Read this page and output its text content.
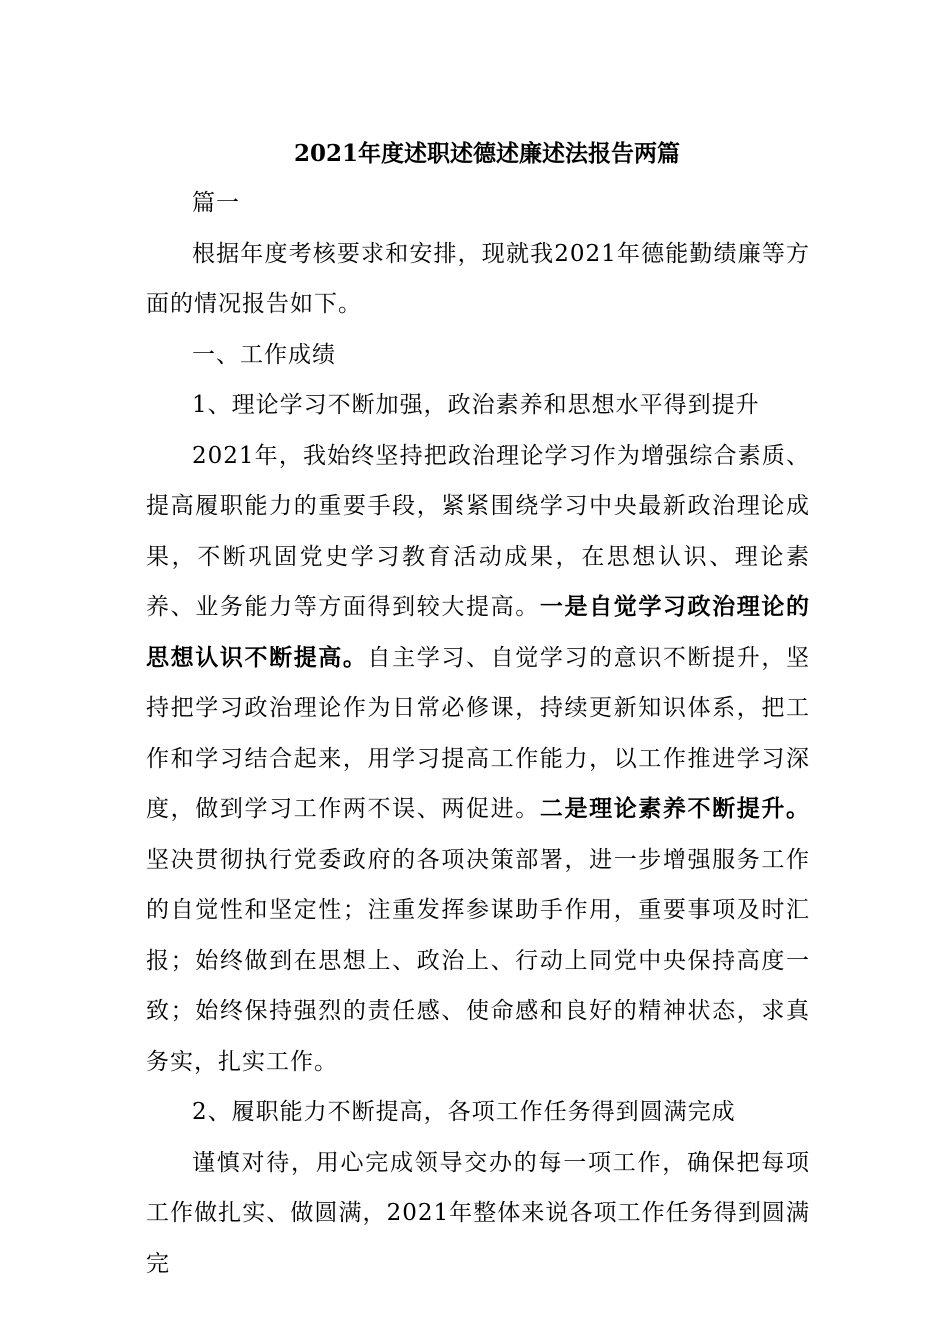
2021年度述职述德述廉述法报告两篇

篇一

根据年度考核要求和安排，现就我2021年德能勤绩廉等方面的情况报告如下。

一、工作成绩

1、理论学习不断加强，政治素养和思想水平得到提升

2021年，我始终坚持把政治理论学习作为增强综合素质、提高履职能力的重要手段，紧紧围绕学习中央最新政治理论成果，不断巩固党史学习教育活动成果，在思想认识、理论素养、业务能力等方面得到较大提高。一是自觉学习政治理论的思想认识不断提高。自主学习、自觉学习的意识不断提升，坚持把学习政治理论作为日常必修课，持续更新知识体系，把工作和学习结合起来，用学习提高工作能力，以工作推进学习深度，做到学习工作两不误、两促进。二是理论素养不断提升。坚决贯彻执行党委政府的各项决策部署，进一步增强服务工作的自觉性和坚定性；注重发挥参谋助手作用，重要事项及时汇报；始终做到在思想上、政治上、行动上同党中央保持高度一致；始终保持强烈的责任感、使命感和良好的精神状态，求真务实，扎实工作。

2、履职能力不断提高，各项工作任务得到圆满完成

谨慎对待，用心完成领导交办的每一项工作，确保把每项工作做扎实、做圆满，2021年整体来说各项工作任务得到圆满完
